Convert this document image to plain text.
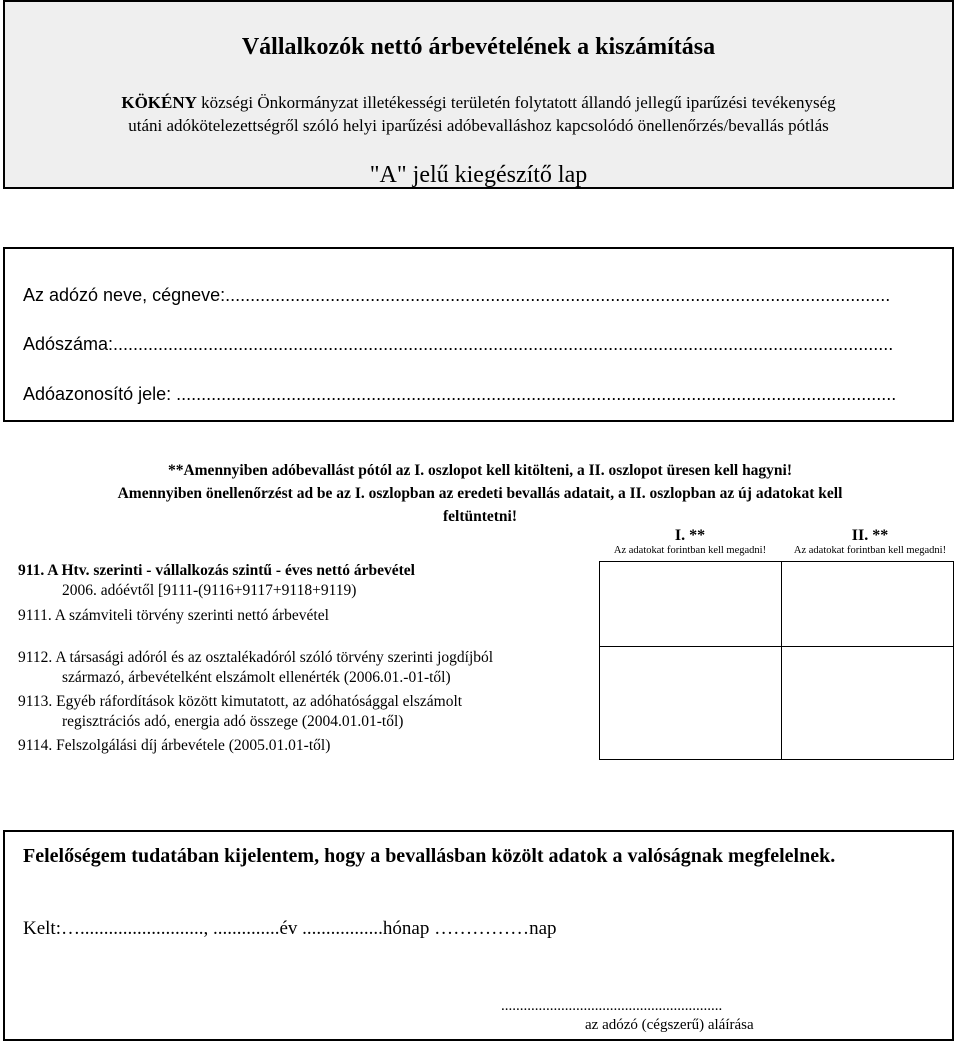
Vállalkozók nettó árbevételének a kiszámítása
KÖKÉNY községi Önkormányzat illetékességi területén folytatott állandó jellegű iparűzési tevékenység
utáni adókötelezettségről szóló helyi iparűzési adóbevalláshoz kapcsolódó önellenőrzés/bevallás pótlás
"A" jelű kiegészítő lap
Az adózó neve, cégneve:.....................................................................................................................................
Adószáma:............................................................................................................................................................
Adóazonosító jele: ................................................................................................................................................
**Amennyiben adóbevallást pótól az I. oszlopot kell kitölteni, a II. oszlopot üresen kell hagyni!
Amennyiben önellenőrzést ad be az I. oszlopban az eredeti bevallás adatait, a II. oszlopban az új adatokat kell
feltüntetni!
I. **
Az adatokat forintban kell megadni!
II. **
Az adatokat forintban kell megadni!
911. A Htv. szerinti - vállalkozás szintű - éves nettó árbevétel
2006. adóévtől [9111-(9116+9117+9118+9119)
9111. A számviteli törvény szerinti nettó árbevétel
9112. A társasági adóról és az osztalékadóról szóló törvény szerinti jogdíjból
származó, árbevételként elszámolt ellenérték (2006.01.-01-től)
9113. Egyéb ráfordítások között kimutatott, az adóhatósággal elszámolt
regisztrációs adó, energia adó összege (2004.01.01-től)
9114. Felszolgálási díj árbevétele (2005.01.01-től)
Felelőségem tudatában kijelentem, hogy a bevallásban közölt adatok a valóságnak megfelelnek.
Kelt:….........................., ..............év .................hónap ……………nap
...........................................................
az adózó (cégszerű) aláírása
